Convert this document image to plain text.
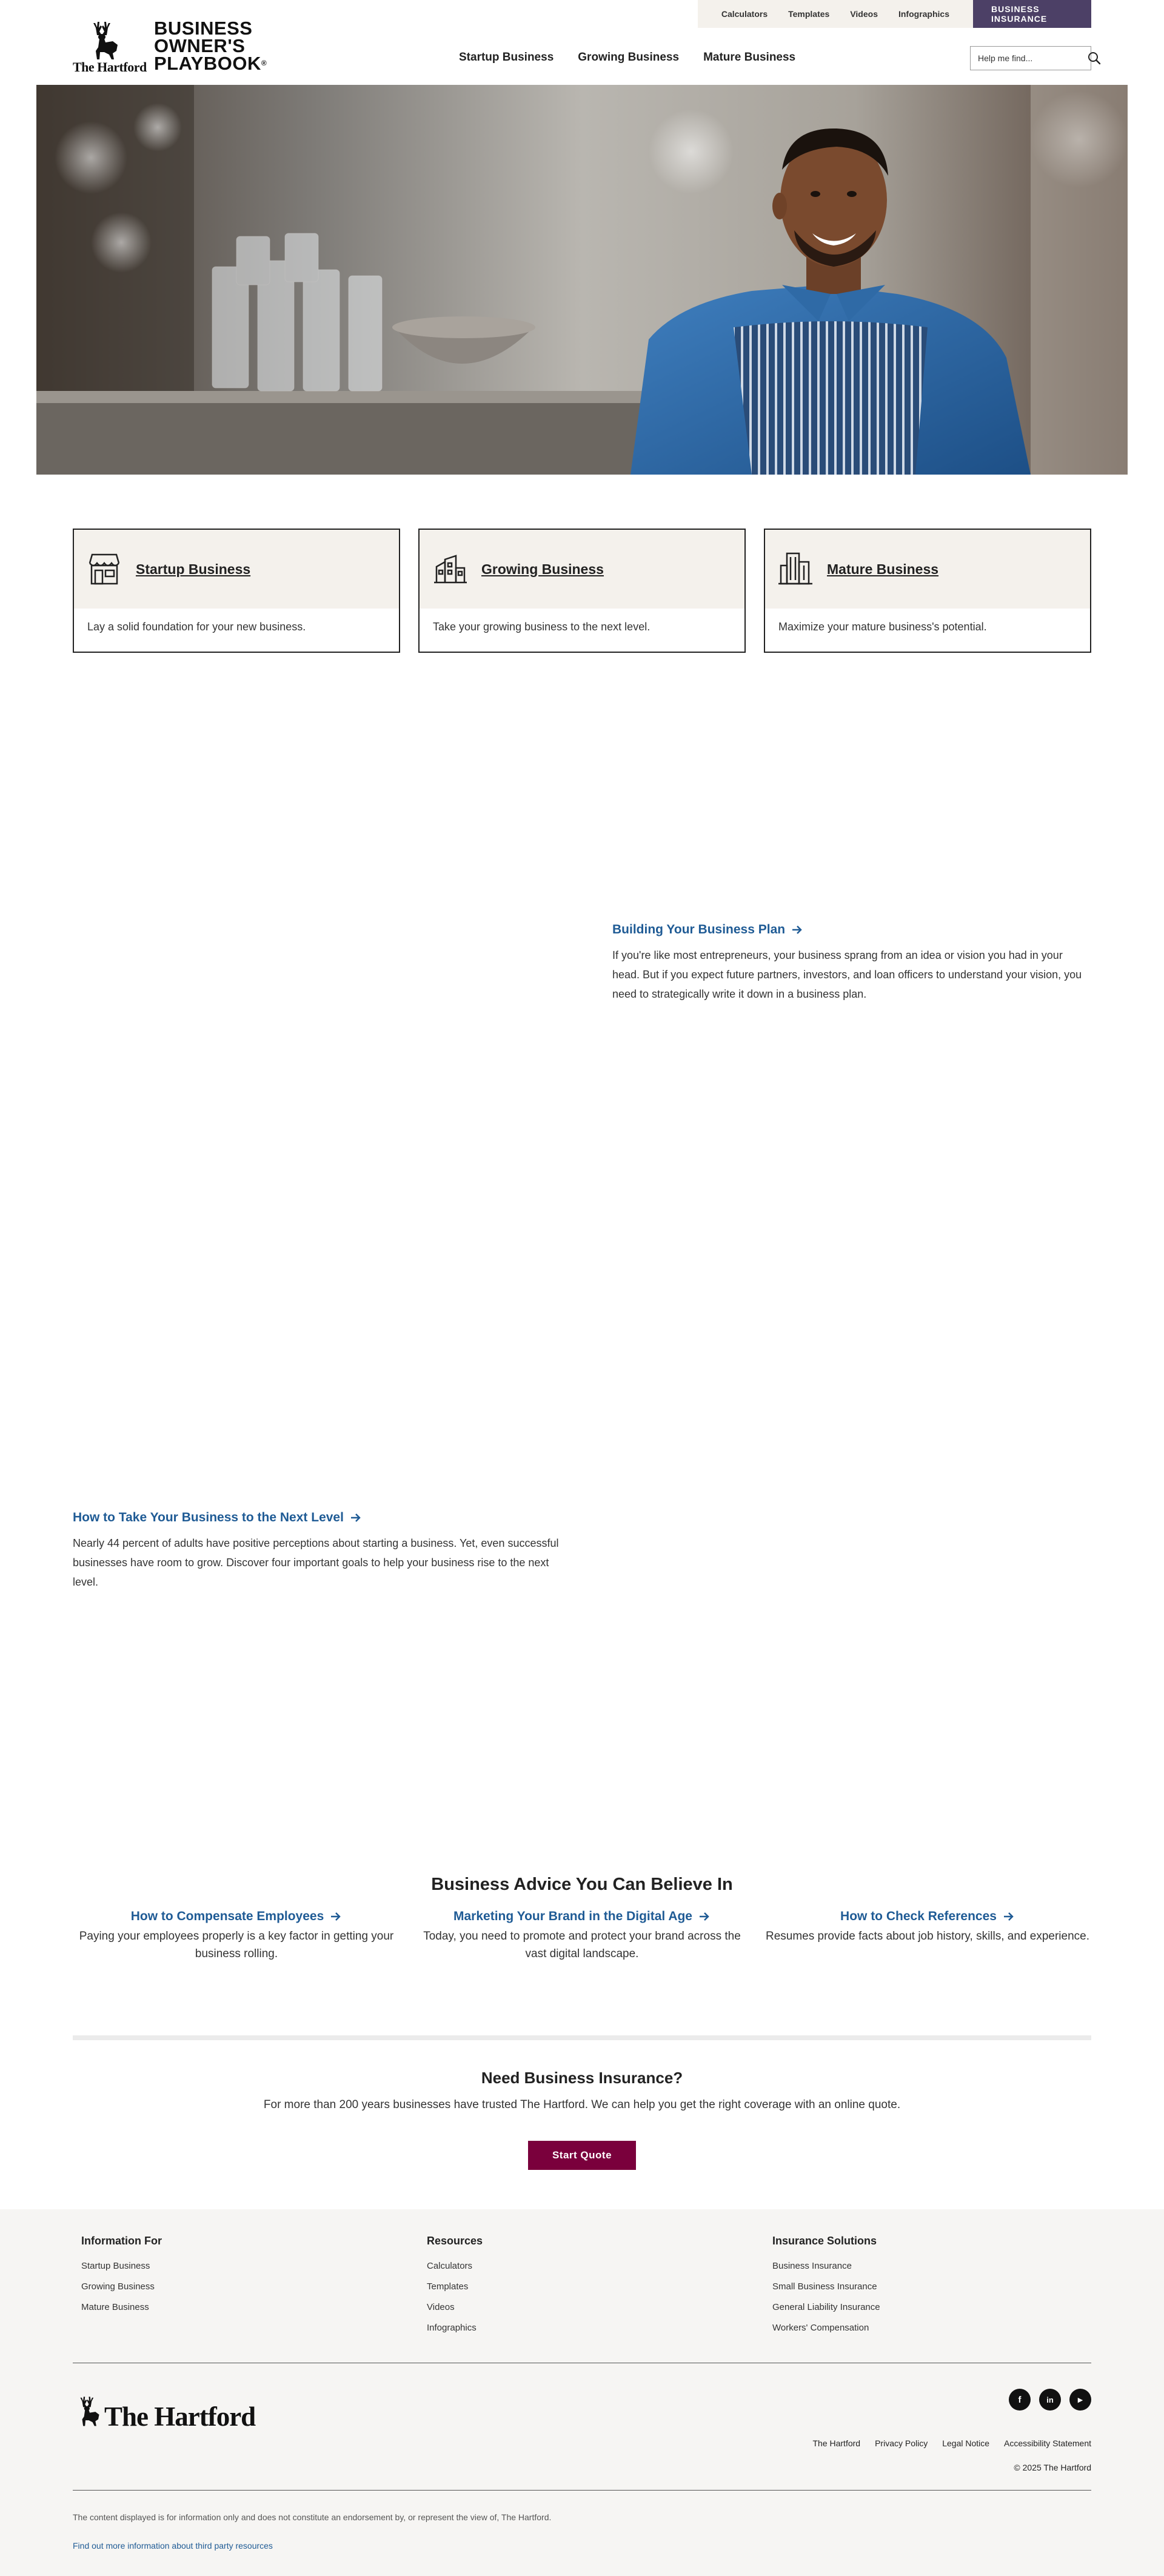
Calculators Templates Videos Infographics	BUSINESS INSURANCE
The Hartford
BUSINESS
OWNER'S
PLAYBOOK®	Startup Business Growing Business Mature Business
Help me find...
Startup Business
Lay a solid foundation for your new business.
Growing Business
Take your growing business to the next level.
Mature Business
Maximize your mature business's potential.
Building Your Business Plan

If you're like most entrepreneurs, your business sprang from an idea or vision you had in your head. But if you expect future partners, investors, and loan officers to understand your vision, you need to strategically write it down in a business plan.

How to Take Your Business to the Next Level

Nearly 44 percent of adults have positive perceptions about starting a business. Yet, even successful businesses have room to grow. Discover four important goals to help your business rise to the next level.

Business Advice You Can Believe In
How to Compensate Employees

Paying your employees properly is a key factor in getting your business rolling.

Marketing Your Brand in the Digital Age

Today, you need to promote and protect your brand across the vast digital landscape.

How to Check References

Resumes provide facts about job history, skills, and experience.

Need Business Insurance?

For more than 200 years businesses have trusted The Hartford. We can help you get the right coverage with an online quote.

Start Quote
Information For
Startup Business
Growing Business
Mature Business
Resources
Calculators
Templates
Videos
Infographics
Insurance Solutions
Business Insurance
Small Business Insurance
General Liability Insurance
Workers' Compensation
The Hartford
f	in	▶
The Hartford Privacy Policy Legal Notice Accessibility Statement
© 2025 The Hartford

The content displayed is for information only and does not constitute an endorsement by, or represent the view of, The Hartford.

Find out more information about third party resources
